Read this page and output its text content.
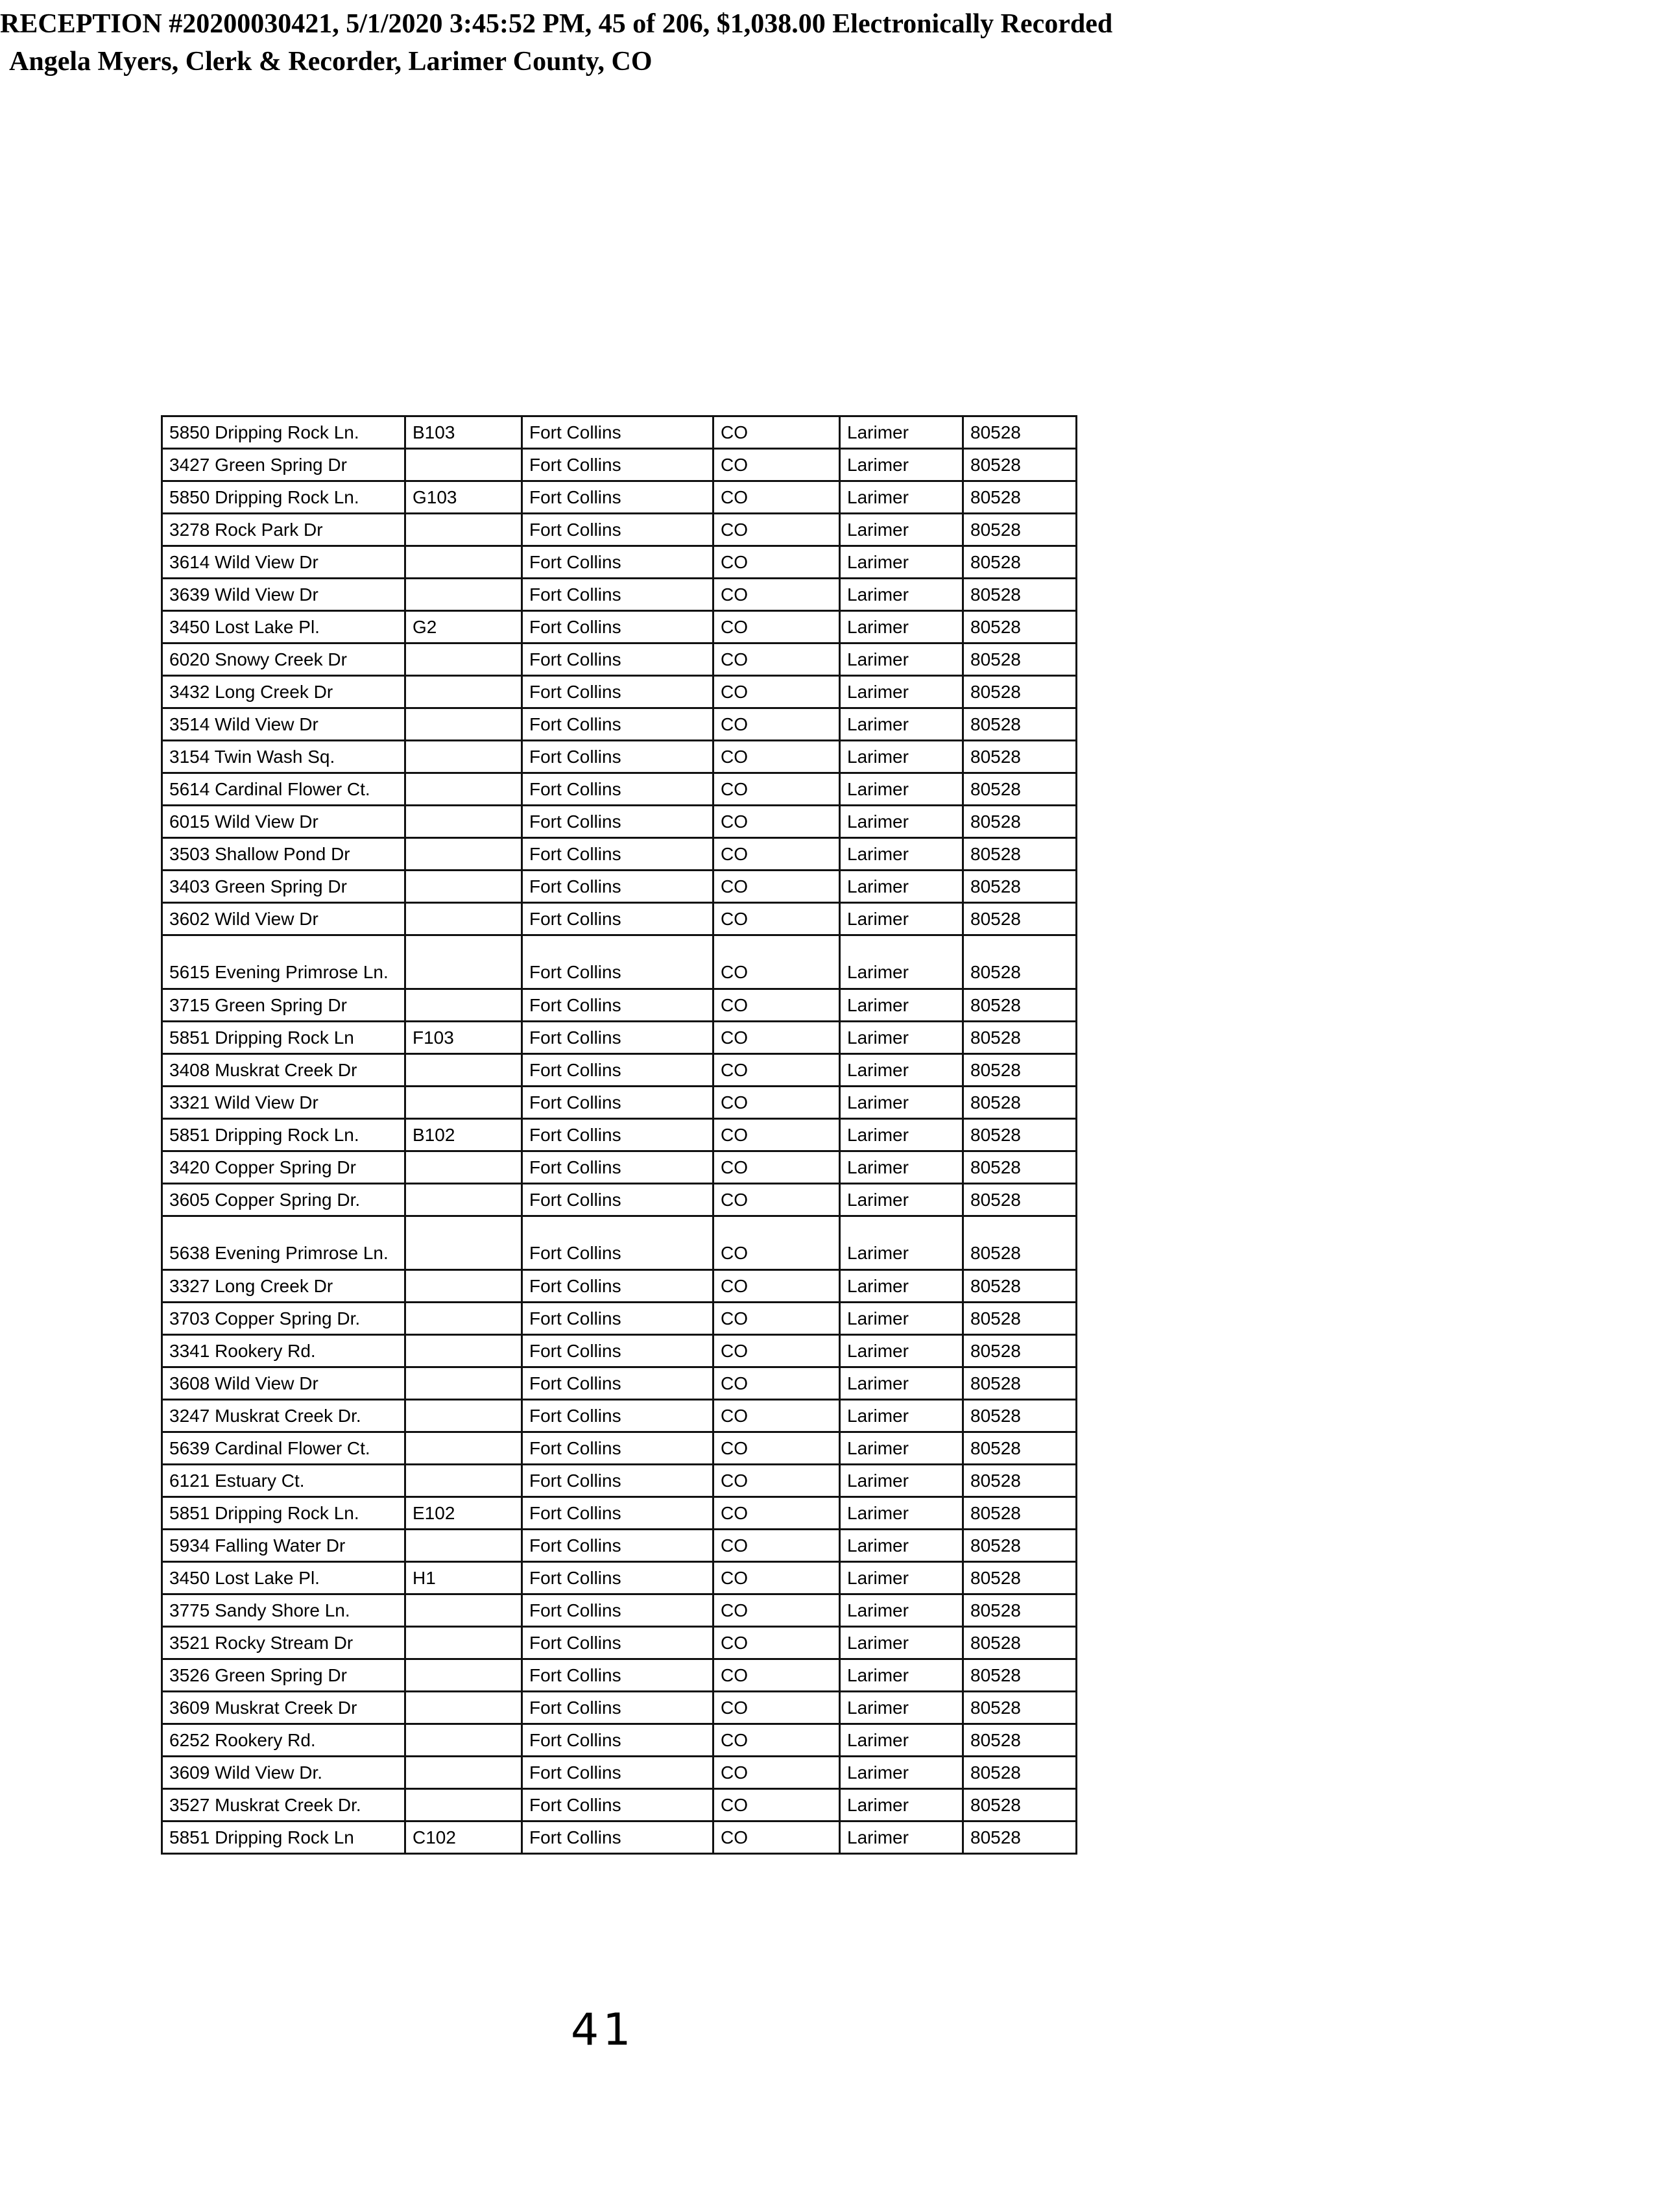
RECEPTION #20200030421, 5/1/2020 3:45:52 PM, 45 of 206, $1,038.00 Electronically Recorded
Angela Myers, Clerk & Recorder, Larimer County, CO
5850 Dripping Rock Ln.	B103	Fort Collins	CO	Larimer	80528
3427 Green Spring Dr		Fort Collins	CO	Larimer	80528
5850 Dripping Rock Ln.	G103	Fort Collins	CO	Larimer	80528
3278 Rock Park Dr		Fort Collins	CO	Larimer	80528
3614 Wild View Dr		Fort Collins	CO	Larimer	80528
3639 Wild View Dr		Fort Collins	CO	Larimer	80528
3450 Lost Lake Pl.	G2	Fort Collins	CO	Larimer	80528
6020 Snowy Creek Dr		Fort Collins	CO	Larimer	80528
3432 Long Creek Dr		Fort Collins	CO	Larimer	80528
3514 Wild View Dr		Fort Collins	CO	Larimer	80528
3154 Twin Wash Sq.		Fort Collins	CO	Larimer	80528
5614 Cardinal Flower Ct.		Fort Collins	CO	Larimer	80528
6015 Wild View Dr		Fort Collins	CO	Larimer	80528
3503 Shallow Pond Dr		Fort Collins	CO	Larimer	80528
3403 Green Spring Dr		Fort Collins	CO	Larimer	80528
3602 Wild View Dr		Fort Collins	CO	Larimer	80528
5615 Evening Primrose Ln.		Fort Collins	CO	Larimer	80528
3715 Green Spring Dr		Fort Collins	CO	Larimer	80528
5851 Dripping Rock Ln	F103	Fort Collins	CO	Larimer	80528
3408 Muskrat Creek Dr		Fort Collins	CO	Larimer	80528
3321 Wild View Dr		Fort Collins	CO	Larimer	80528
5851 Dripping Rock Ln.	B102	Fort Collins	CO	Larimer	80528
3420 Copper Spring Dr		Fort Collins	CO	Larimer	80528
3605 Copper Spring Dr.		Fort Collins	CO	Larimer	80528
5638 Evening Primrose Ln.		Fort Collins	CO	Larimer	80528
3327 Long Creek Dr		Fort Collins	CO	Larimer	80528
3703 Copper Spring Dr.		Fort Collins	CO	Larimer	80528
3341 Rookery Rd.		Fort Collins	CO	Larimer	80528
3608 Wild View Dr		Fort Collins	CO	Larimer	80528
3247 Muskrat Creek Dr.		Fort Collins	CO	Larimer	80528
5639 Cardinal Flower Ct.		Fort Collins	CO	Larimer	80528
6121 Estuary Ct.		Fort Collins	CO	Larimer	80528
5851 Dripping Rock Ln.	E102	Fort Collins	CO	Larimer	80528
5934 Falling Water Dr		Fort Collins	CO	Larimer	80528
3450 Lost Lake Pl.	H1	Fort Collins	CO	Larimer	80528
3775 Sandy Shore Ln.		Fort Collins	CO	Larimer	80528
3521 Rocky Stream Dr		Fort Collins	CO	Larimer	80528
3526 Green Spring Dr		Fort Collins	CO	Larimer	80528
3609 Muskrat Creek Dr		Fort Collins	CO	Larimer	80528
6252 Rookery Rd.		Fort Collins	CO	Larimer	80528
3609 Wild View Dr.		Fort Collins	CO	Larimer	80528
3527 Muskrat Creek Dr.		Fort Collins	CO	Larimer	80528
5851 Dripping Rock Ln	C102	Fort Collins	CO	Larimer	80528
41
